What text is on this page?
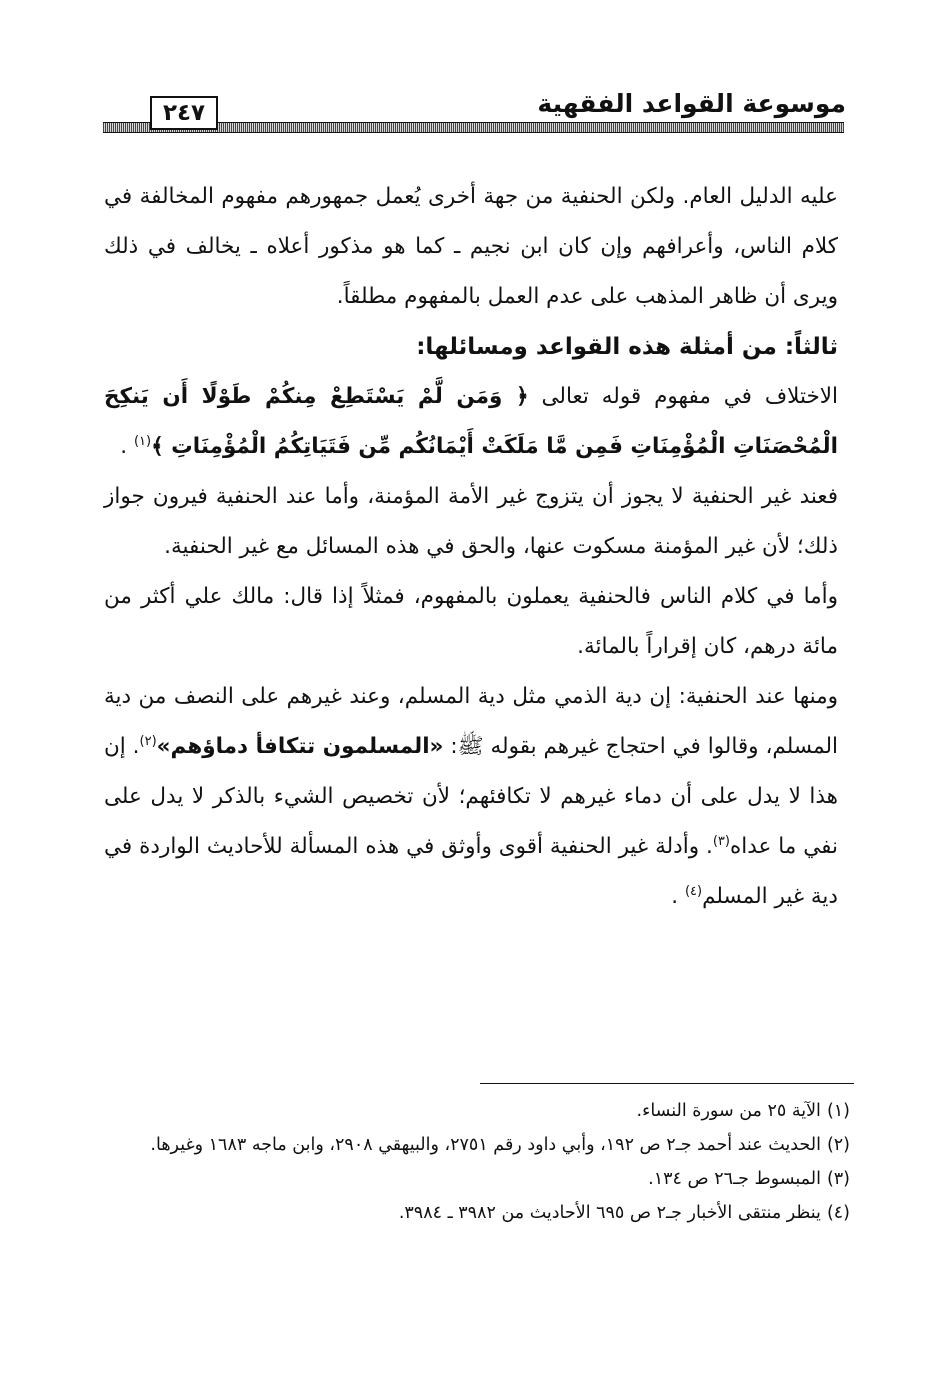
موسوعة القواعد الفقهية
٢٤٧

عليه الدليل العام. ولكن الحنفية من جهة أخرى يُعمل جمهورهم مفهوم المخالفة في كلام الناس، وأعرافهم وإن كان ابن نجيم ـ كما هو مذكور أعلاه ـ يخالف في ذلك ويرى أن ظاهر المذهب على عدم العمل بالمفهوم مطلقاً.

ثالثاً: من أمثلة هذه القواعد ومسائلها:

الاختلاف في مفهوم قوله تعالى ﴿ وَمَن لَّمْ يَسْتَطِعْ مِنكُمْ طَوْلًا أَن يَنكِحَ الْمُحْصَنَاتِ الْمُؤْمِنَاتِ فَمِن مَّا مَلَكَتْ أَيْمَانُكُم مِّن فَتَيَاتِكُمُ الْمُؤْمِنَاتِ ﴾$^{(١)}$ .

فعند غير الحنفية لا يجوز أن يتزوج غير الأمة المؤمنة، وأما عند الحنفية فيرون جواز ذلك؛ لأن غير المؤمنة مسكوت عنها، والحق في هذه المسائل مع غير الحنفية.

وأما في كلام الناس فالحنفية يعملون بالمفهوم، فمثلاً إذا قال: مالك علي أكثر من مائة درهم، كان إقراراً بالمائة.

ومنها عند الحنفية: إن دية الذمي مثل دية المسلم، وعند غيرهم على النصف من دية المسلم، وقالوا في احتجاج غيرهم بقوله ﷺ: «المسلمون تتكافأ دماؤهم»$^{(٢)}$. إن هذا لا يدل على أن دماء غيرهم لا تكافئهم؛ لأن تخصيص الشيء بالذكر لا يدل على نفي ما عداه$^{(٣)}$. وأدلة غير الحنفية أقوى وأوثق في هذه المسألة للأحاديث الواردة في دية غير المسلم$^{(٤)}$ .

(١)الآية ٢٥ من سورة النساء.

(٢)الحديث عند أحمد جـ٢ ص ١٩٢، وأبي داود رقم ٢٧٥١، والبيهقي ٢٩٠٨، وابن ماجه ١٦٨٣ وغيرها.

(٣)المبسوط جـ٢٦ ص ١٣٤.

(٤)ينظر منتقى الأخبار جـ٢ ص ٦٩٥ الأحاديث من ٣٩٨٢ ـ ٣٩٨٤.
